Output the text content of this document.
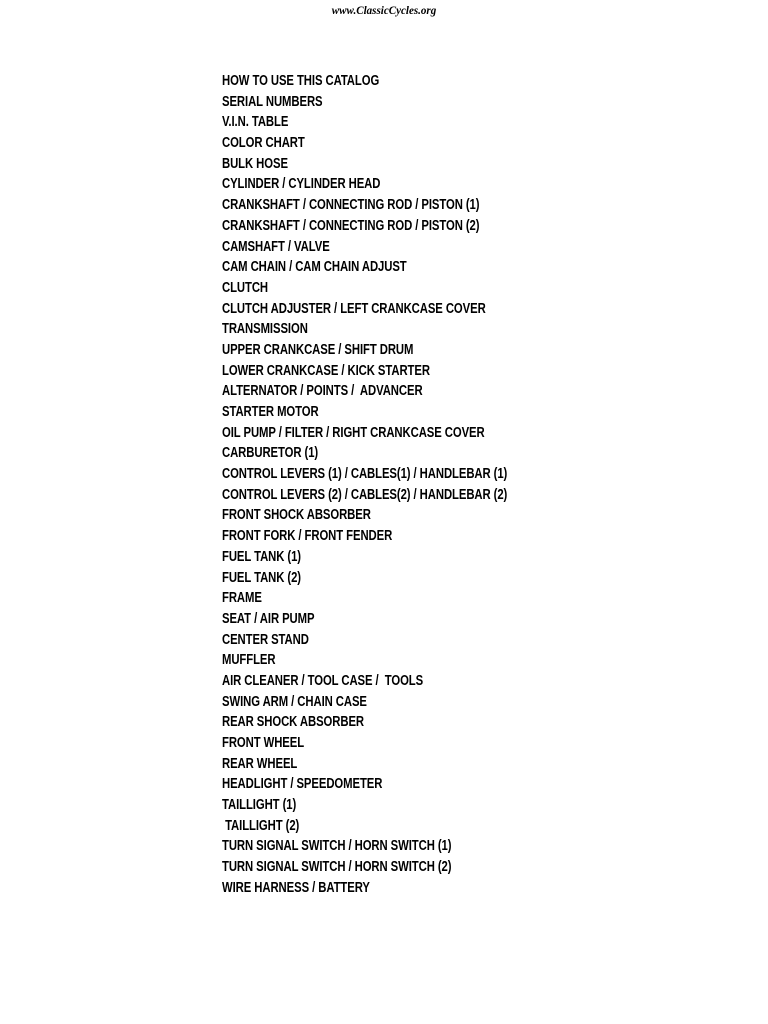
www.ClassicCycles.org
HOW TO USE THIS CATALOG
SERIAL NUMBERS
V.I.N. TABLE
COLOR CHART
BULK HOSE
CYLINDER / CYLINDER HEAD
CRANKSHAFT / CONNECTING ROD / PISTON (1)
CRANKSHAFT / CONNECTING ROD / PISTON (2)
CAMSHAFT / VALVE
CAM CHAIN / CAM CHAIN ADJUST
CLUTCH
CLUTCH ADJUSTER / LEFT CRANKCASE COVER
TRANSMISSION
UPPER CRANKCASE / SHIFT DRUM
LOWER CRANKCASE / KICK STARTER
ALTERNATOR / POINTS /  ADVANCER
STARTER MOTOR
OIL PUMP / FILTER / RIGHT CRANKCASE COVER
CARBURETOR (1)
CONTROL LEVERS (1) / CABLES(1) / HANDLEBAR (1)
CONTROL LEVERS (2) / CABLES(2) / HANDLEBAR (2)
FRONT SHOCK ABSORBER
FRONT FORK / FRONT FENDER
FUEL TANK (1)
FUEL TANK (2)
FRAME
SEAT / AIR PUMP
CENTER STAND
MUFFLER
AIR CLEANER / TOOL CASE /  TOOLS
SWING ARM / CHAIN CASE
REAR SHOCK ABSORBER
FRONT WHEEL
REAR WHEEL
HEADLIGHT / SPEEDOMETER
TAILLIGHT (1)
TAILLIGHT (2)
TURN SIGNAL SWITCH / HORN SWITCH (1)
TURN SIGNAL SWITCH / HORN SWITCH (2)
WIRE HARNESS / BATTERY
